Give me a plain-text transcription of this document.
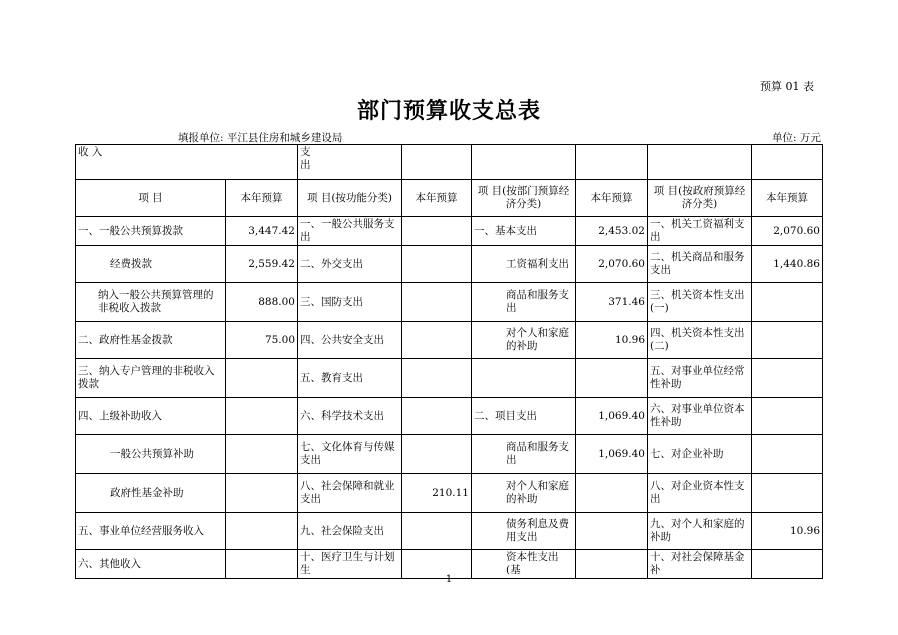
预算 01 表
部门预算收支总表
填报单位: 平江县住房和城乡建设局	单位: 万元
收 入		支出					
项 目	本年预算	项 目(按功能分类)	本年预算	项 目(按部门预算经济分类)	本年预算	项 目(按政府预算经济分类)	本年预算
一、一般公共预算拨款	3,447.42	一、一般公共服务支出		一、基本支出	2,453.02	一、机关工资福利支出	2,070.60
经费拨款	2,559.42	二、外交支出		工资福利支出	2,070.60	二、机关商品和服务支出	1,440.86
纳入一般公共预算管理的非税收入拨款	888.00	三、国防支出		商品和服务支出	371.46	三、机关资本性支出(一)	
二、政府性基金拨款	75.00	四、公共安全支出		对个人和家庭的补助	10.96	四、机关资本性支出(二)	
三、纳入专户管理的非税收入拨款		五、教育支出				五、对事业单位经常性补助	
四、上级补助收入		六、科学技术支出		二、项目支出	1,069.40	六、对事业单位资本性补助	
一般公共预算补助		七、文化体育与传媒支出		商品和服务支出	1,069.40	七、对企业补助	
政府性基金补助		八、社会保障和就业支出	210.11	对个人和家庭的补助		八、对企业资本性支出	
五、事业单位经营服务收入		九、社会保险支出		债务利息及费用支出		九、对个人和家庭的补助	10.96
六、其他收入		十、医疗卫生与计划生		资本性支出(基		十、对社会保障基金补	
1
